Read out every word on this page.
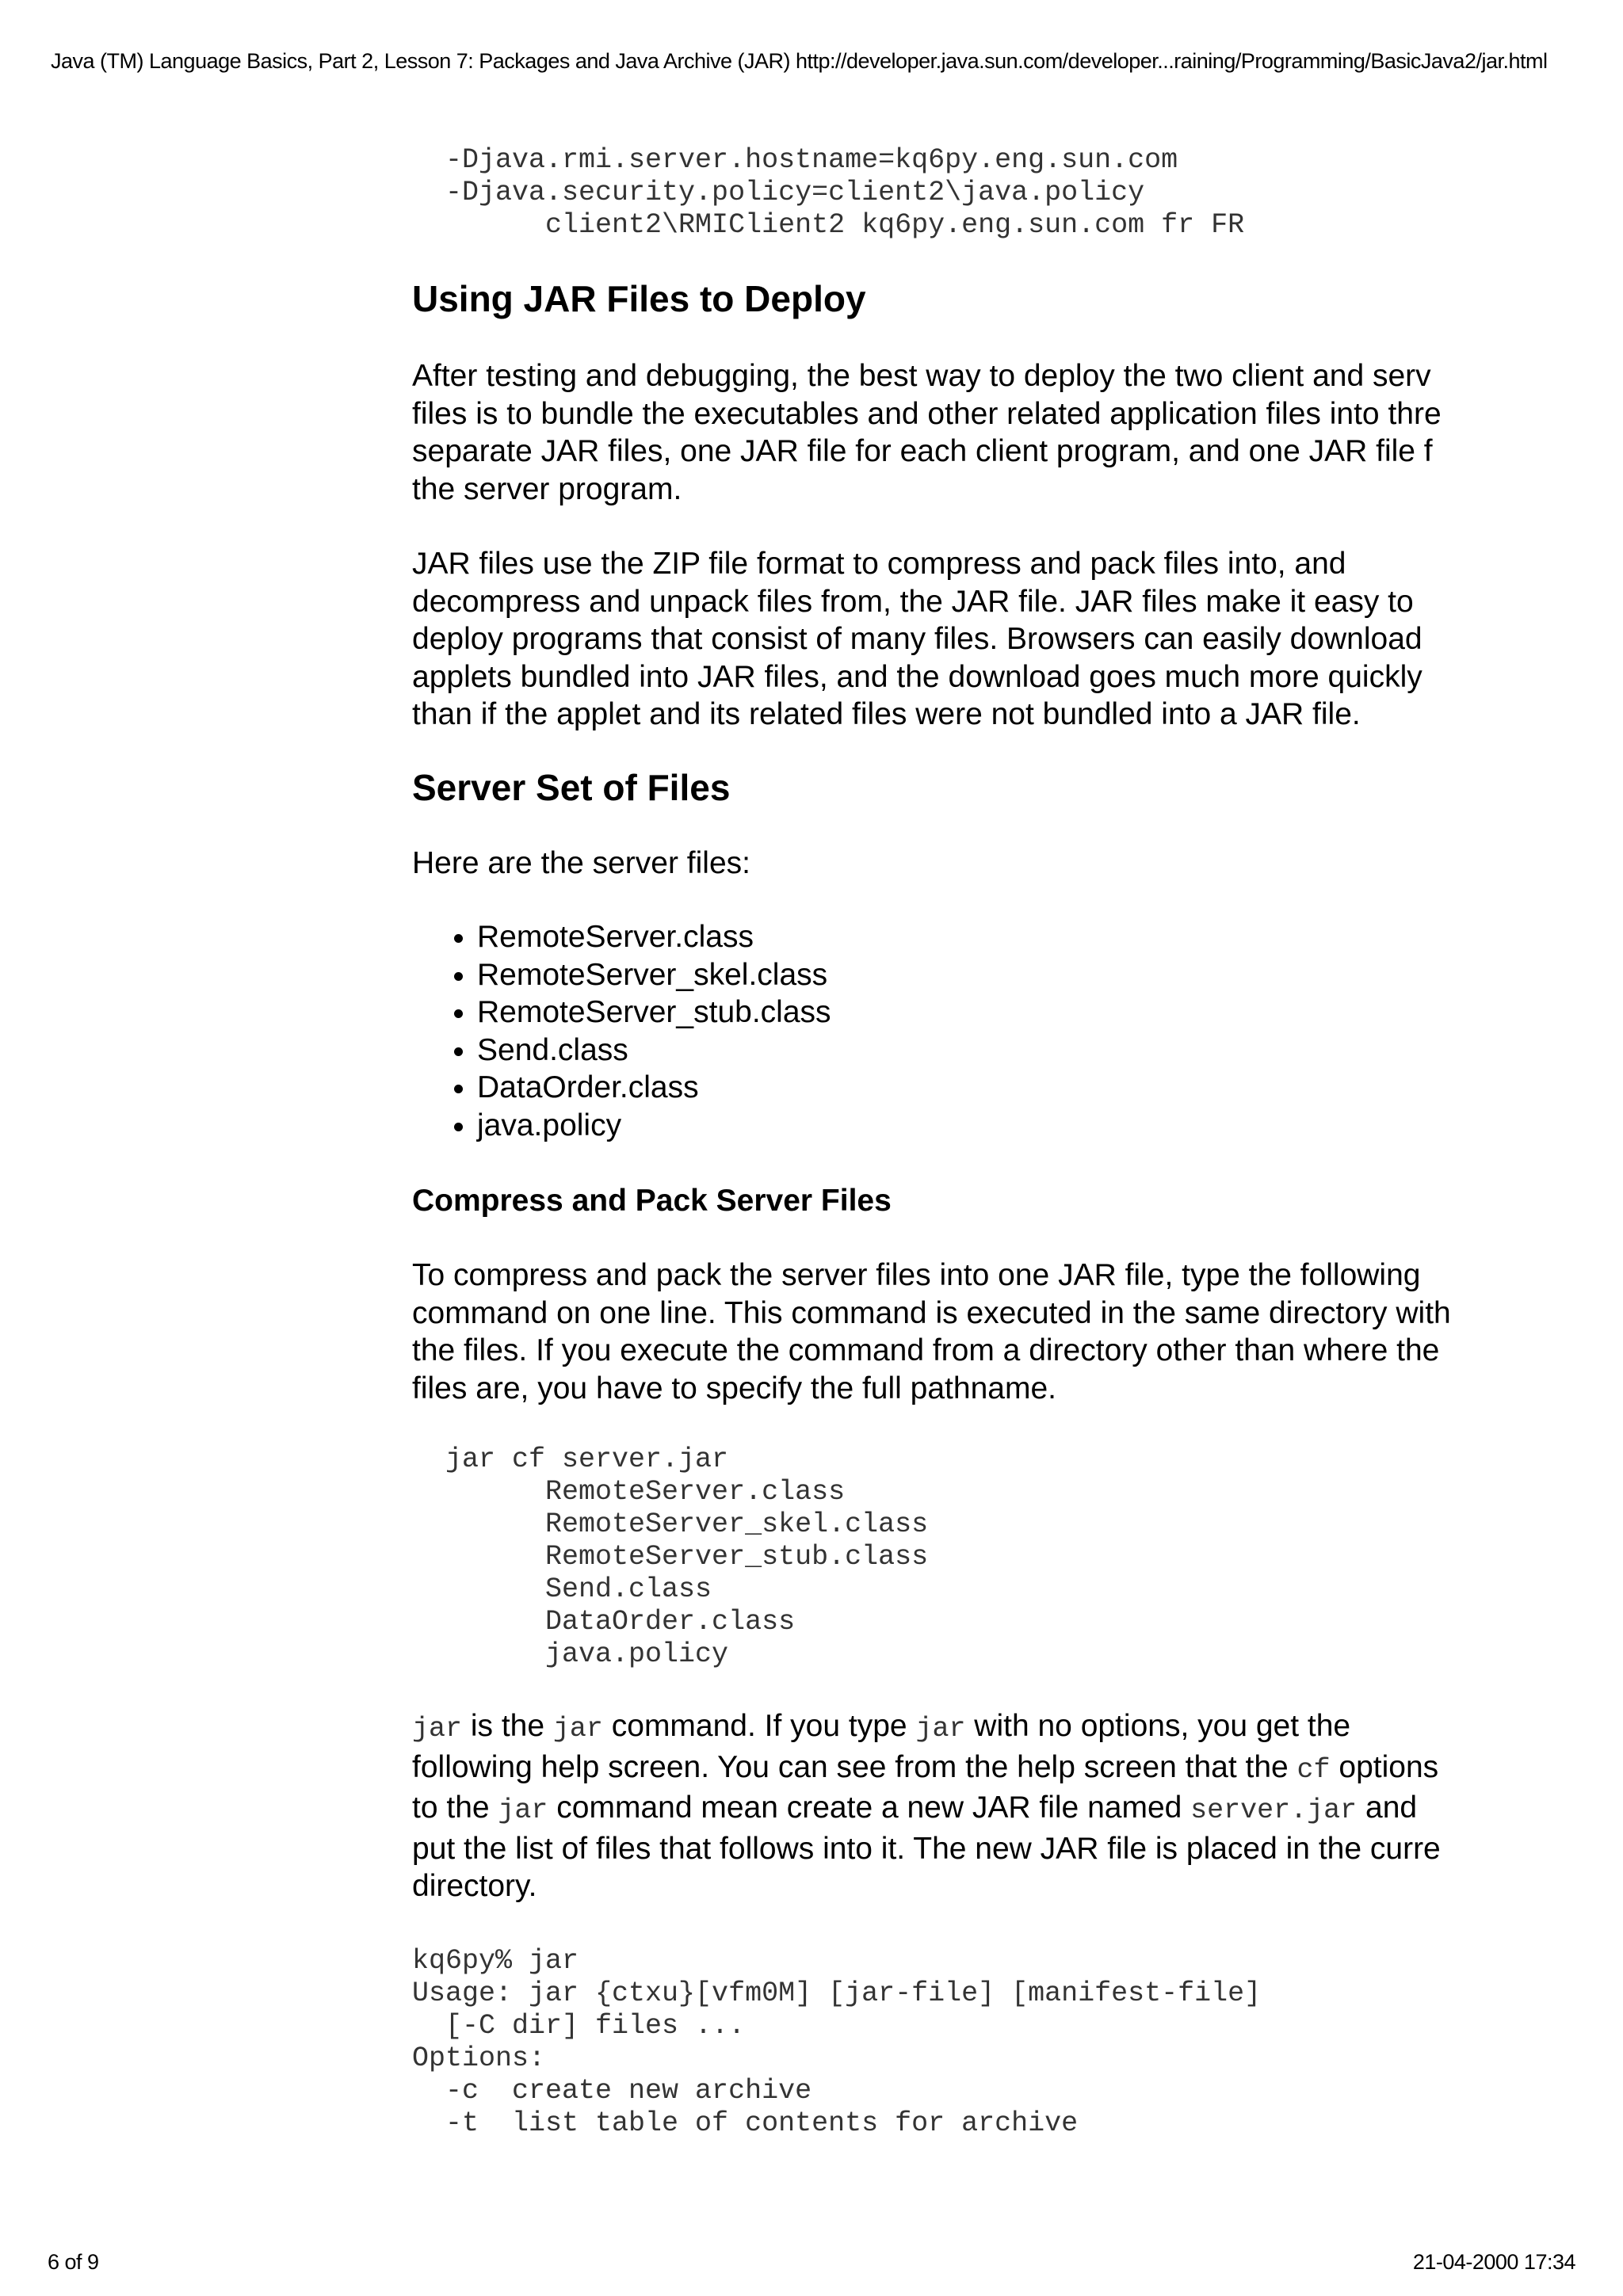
Java (TM) Language Basics, Part 2, Lesson 7: Packages and Java Archive (JAR) http://developer.java.sun.com/developer...raining/Programming/BasicJava2/jar.html
-Djava.rmi.server.hostname=kq6py.eng.sun.com
-Djava.security.policy=client2\java.policy
client2\RMIClient2 kq6py.eng.sun.com fr FR
Using JAR Files to Deploy

After testing and debugging, the best way to deploy the two client and serv
files is to bundle the executables and other related application files into thre
separate JAR files, one JAR file for each client program, and one JAR file f
the server program.

JAR files use the ZIP file format to compress and pack files into, and
decompress and unpack files from, the JAR file. JAR files make it easy to
deploy programs that consist of many files. Browsers can easily download
applets bundled into JAR files, and the download goes much more quickly
than if the applet and its related files were not bundled into a JAR file.

Server Set of Files

Here are the server files:

• RemoteServer.class
• RemoteServer_skel.class
• RemoteServer_stub.class
• Send.class
• DataOrder.class
• java.policy
Compress and Pack Server Files

To compress and pack the server files into one JAR file, type the following
command on one line. This command is executed in the same directory with
the files. If you execute the command from a directory other than where the
files are, you have to specify the full pathname.

jar cf server.jar
RemoteServer.class
RemoteServer_skel.class
RemoteServer_stub.class
Send.class
DataOrder.class
java.policy

jar is the jar command. If you type jar with no options, you get the
following help screen. You can see from the help screen that the cf options
to the jar command mean create a new JAR file named server.jar and
put the list of files that follows into it. The new JAR file is placed in the curre
directory.

kq6py% jar
Usage: jar {ctxu}[vfm0M] [jar-file] [manifest-file]
[-C dir] files ...
Options:
-c  create new archive
-t  list table of contents for archive
6 of 9	21-04-2000 17:34
